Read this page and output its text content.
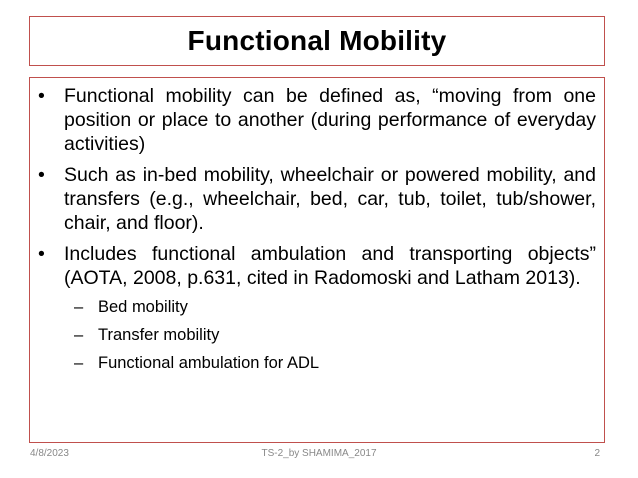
Functional Mobility
• Functional mobility can be defined as, “moving from one position or place to another (during performance of everyday activities)
• Such as in-bed mobility, wheelchair or powered mobility, and transfers (e.g., wheelchair, bed, car, tub, toilet, tub/shower, chair, and floor).
• Includes functional ambulation and transporting objects” (AOTA, 2008, p.631, cited in Radomoski and Latham 2013).
– Bed mobility
– Transfer mobility
– Functional ambulation for ADL
4/8/2023	TS-2_by SHAMIMA_2017	2
